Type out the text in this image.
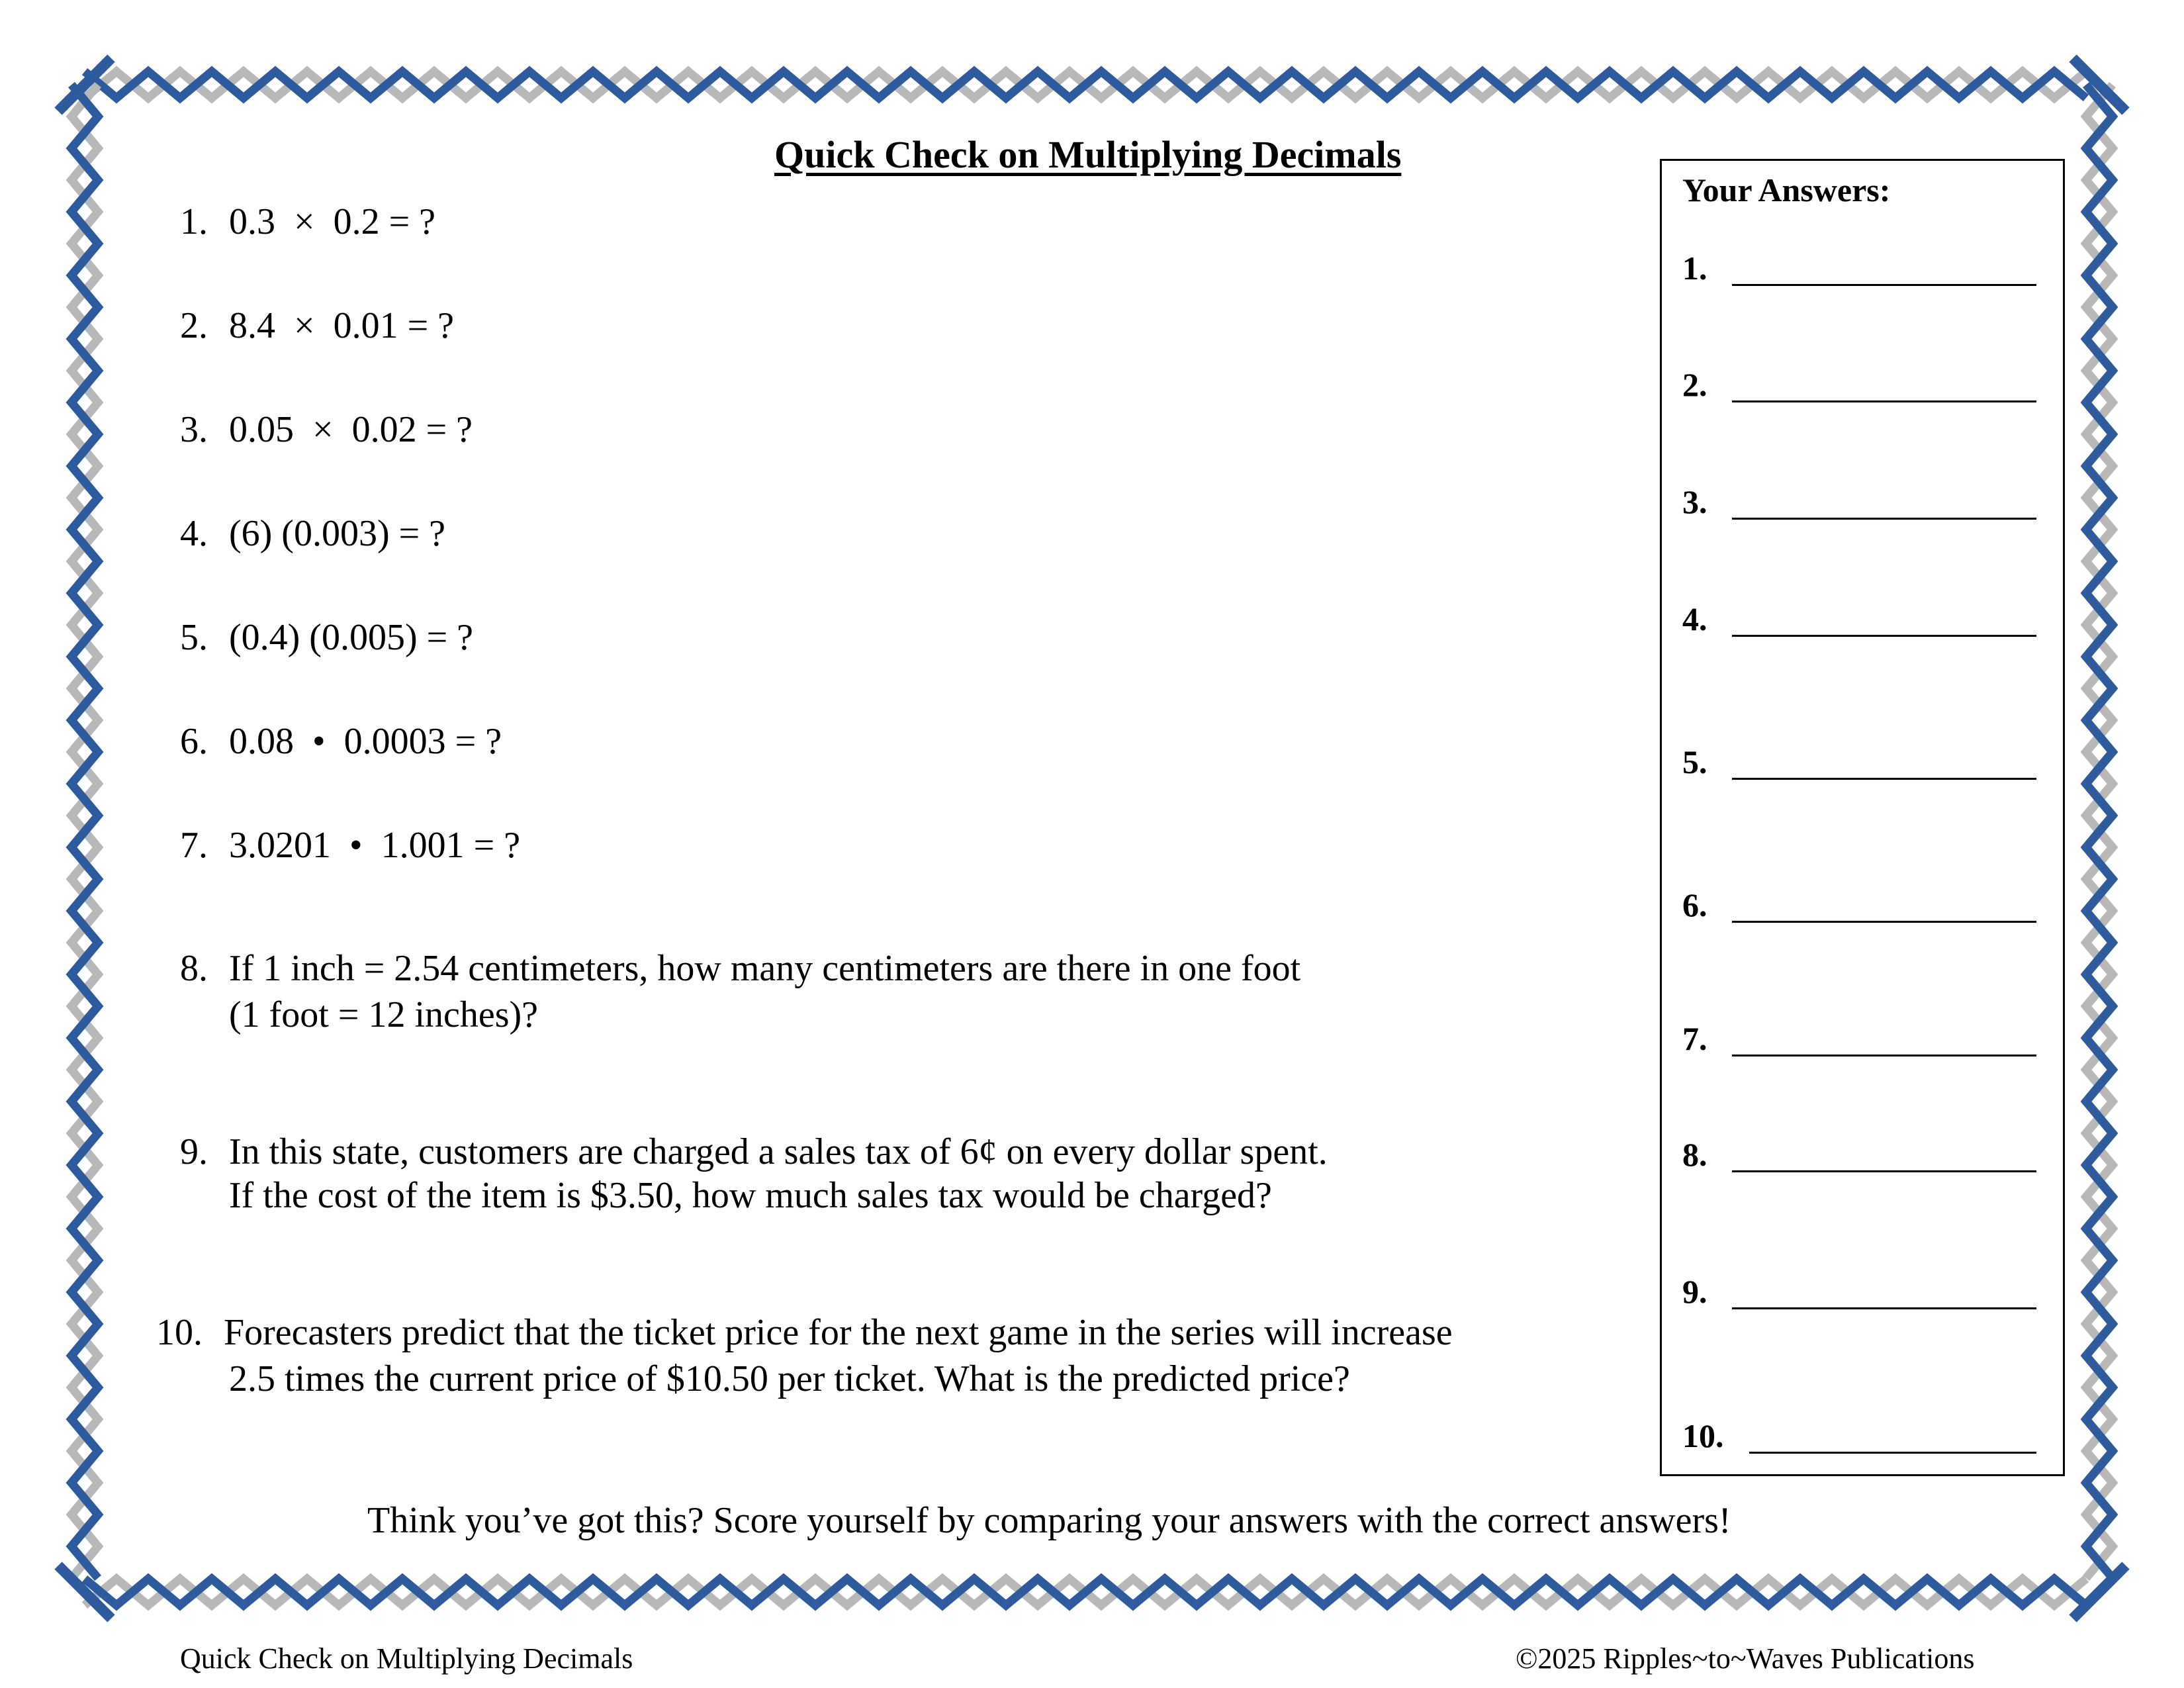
Quick Check on Multiplying Decimals
1. 0.3  ×  0.2 = ?
2. 8.4  ×  0.01 = ?
3. 0.05  ×  0.02 = ?
4. (6) (0.003) = ?
5. (0.4) (0.005) = ?
6. 0.08  •  0.0003 = ?
7. 3.0201  •  1.001 = ?
8. If 1 inch = 2.54 centimeters, how many centimeters are there in one foot
(1 foot = 12 inches)?
9. In this state, customers are charged a sales tax of 6¢ on every dollar spent.
If the cost of the item is $3.50, how much sales tax would be charged?
10. Forecasters predict that the ticket price for the next game in the series will increase
2.5 times the current price of $10.50 per ticket. What is the predicted price?
Your Answers:
1.
2.
3.
4.
5.
6.
7.
8.
9.
10.
Think you’ve got this? Score yourself by comparing your answers with the correct answers!
Quick Check on Multiplying Decimals	©2025 Ripples~to~Waves Publications
